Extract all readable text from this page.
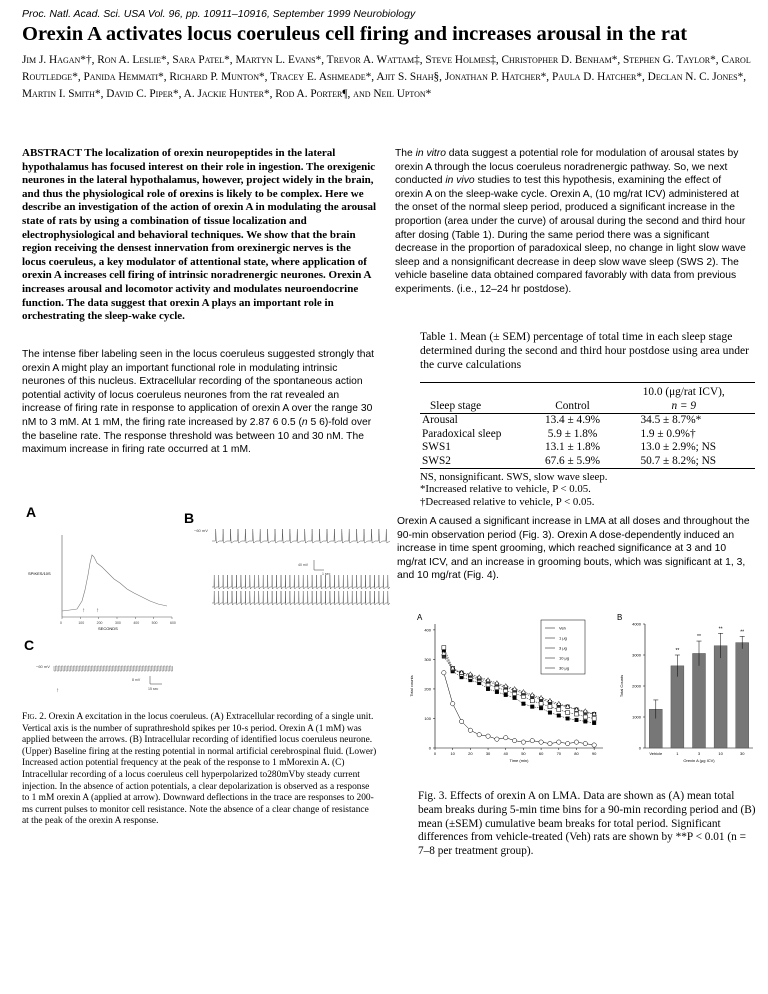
Proc. Natl. Acad. Sci. USA Vol. 96, pp. 10911–10916, September 1999 Neurobiology
Orexin A activates locus coeruleus cell firing and increases arousal in the rat
Jim J. Hagan*†, Ron A. Leslie*, Sara Patel*, Martyn L. Evans*, Trevor A. Wattam‡, Steve Holmes‡, Christopher D. Benham*, Stephen G. Taylor*, Carol Routledge*, Panida Hemmati*, Richard P. Munton*, Tracey E. Ashmeade*, Ajit S. Shah§, Jonathan P. Hatcher*, Paula D. Hatcher*, Declan N. C. Jones*, Martin I. Smith*, David C. Piper*, A. Jackie Hunter*, Rod A. Porter¶, and Neil Upton*
ABSTRACT The localization of orexin neuropeptides in the lateral hypothalamus has focused interest on their role in ingestion. The orexigenic neurones in the lateral hypothalamus, however, project widely in the brain, and thus the physiological role of orexins is likely to be complex. Here we describe an investigation of the action of orexin A in modulating the arousal state of rats by using a combination of tissue localization and electrophysiological and behavioral techniques. We show that the brain region receiving the densest innervation from orexinergic nerves is the locus coeruleus, a key modulator of attentional state, where application of orexin A increases cell firing of intrinsic noradrenergic neurones. Orexin A increases arousal and locomotor activity and modulates neuroendocrine function. The data suggest that orexin A plays an important role in orchestrating the sleep-wake cycle.
The intense fiber labeling seen in the locus coeruleus suggested strongly that orexin A might play an important functional role in modulating intrinsic neurones of this nucleus. Extracellular recording of the spontaneous action potential activity of locus coeruleus neurones from the rat revealed an increase of firing rate in response to application of orexin A over the range 30 nM to 3 mM. At 1 mM, the firing rate increased by 2.87 6 0.5 (n 5 6)-fold over the baseline rate. The response threshold was between 10 and 30 nM. The maximum increase in firing rate occurred at 1 mM.
The in vitro data suggest a potential role for modulation of arousal states by orexin A through the locus coeruleus noradrenergic pathway. So, we next conducted in vivo studies to test this hypothesis, examining the effect of orexin A on the sleep-wake cycle. Orexin A, (10 mg/rat ICV) administered at the onset of the normal sleep period, produced a significant increase in the proportion (area under the curve) of arousal during the second and third hour after dosing (Table 1). During the same period there was a significant decrease in the proportion of paradoxical sleep, no change in light slow wave sleep and a nonsignificant decrease in deep slow wave sleep (SWS 2). The vehicle baseline data obtained compared favorably with data from previous experiments. (i.e., 12–24 hr postdose).
Table 1. Mean (± SEM) percentage of total time in each sleep stage determined during the second and third hour postdose using area under the curve calculations
		10.0 (μg/rat ICV),
Sleep stage	Control	n = 9
Arousal	13.4 ± 4.9%	34.5 ± 8.7%*
Paradoxical sleep	5.9 ± 1.8%	1.9 ± 0.9%†
SWS1	13.1 ± 1.8%	13.0 ± 2.9%; NS
SWS2	67.6 ± 5.9%	50.7 ± 8.2%; NS
NS, nonsignificant. SWS, slow wave sleep.
*Increased relative to vehicle, P < 0.05.
†Decreased relative to vehicle, P < 0.05.
Orexin A caused a significant increase in LMA at all doses and throughout the 90-min observation period (Fig. 3). Orexin A dose-dependently induced an increase in time spent grooming, which reached significance at 3 and 10 mg/rat ICV, and an increase in grooming bouts, which was significant at 1, 3, and 10 mg/rat (Fig. 4).
A	B
SPIKES/10S
0	100	200	300	400	500	600
SECONDS
↑ ↑
−60 mV
40 mV
1 sec
C
−60 mV
↑
8 mV
15 sec
Fig. 2. Orexin A excitation in the locus coeruleus. (A) Extracellular recording of a single unit. Vertical axis is the number of suprathreshold spikes per 10-s period. Orexin A (1 mM) was applied between the arrows. (B) Intracellular recording of identified locus coeruleus neurone. (Upper) Baseline firing at the resting potential in normal artificial cerebrospinal fluid. (Lower) Increased action potential frequency at the peak of the response to 1 mMorexin A. (C) Intracellular recording of a locus coeruleus cell hyperpolarized to280mVby steady current injection. In the absence of action potentials, a clear depolarization is observed as a response to 1 mM orexin A (applied at arrow). Downward deflections in the trace are responses to 200-ms current pulses to monitor cell resistance. Note the absence of a clear change of resistance at the peak of the orexin A response.
A	B
0
100
200
300
400
0	10	20	30	40	50	60	70	80	90
Time (min)
Total counts
Veh
1 μg
3 μg
10 μg
30 μg
0
1000
2000
3000
4000
Total Counts
Vehicle	1
**
3
**
10
**
30
**
Orexin A (μg ICV)
Fig. 3. Effects of orexin A on LMA. Data are shown as (A) mean total beam breaks during 5-min time bins for a 90-min recording period and (B) mean (±SEM) cumulative beam breaks for total period. Significant differences from vehicle-treated (Veh) rats are shown by **P < 0.01 (n = 7–8 per treatment group).
